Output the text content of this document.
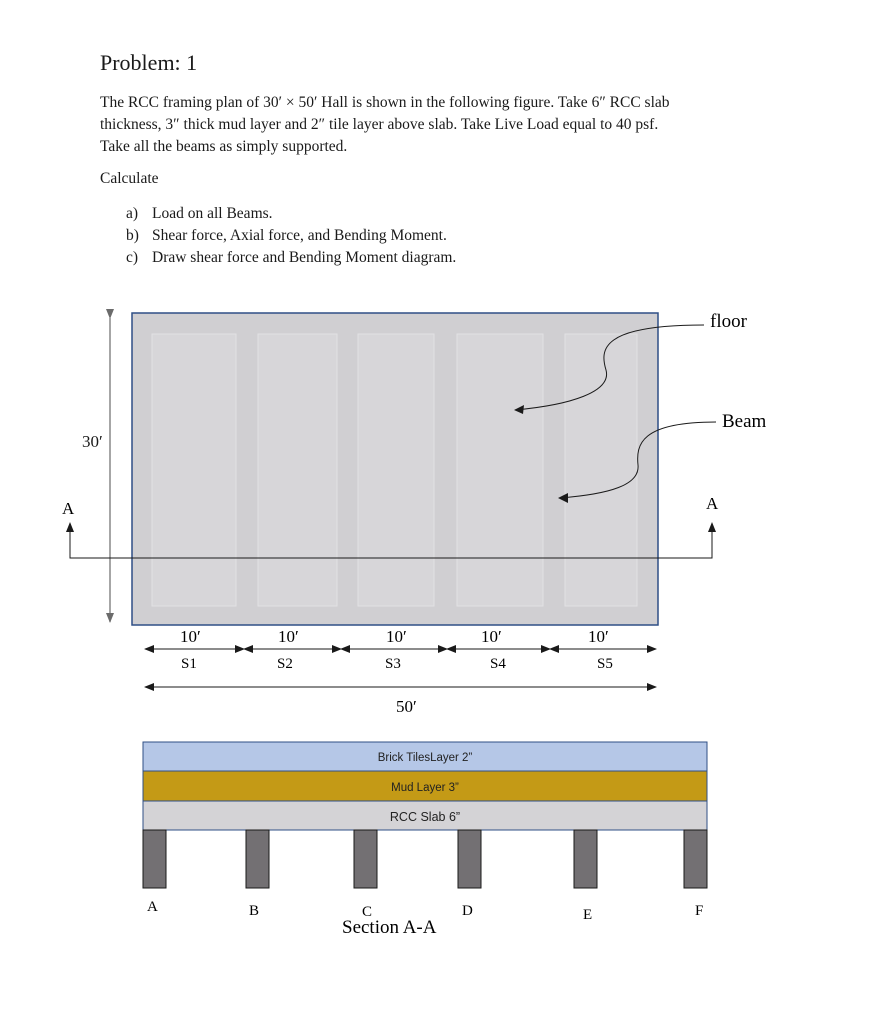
Problem: 1
The RCC framing plan of 30′ × 50′ Hall is shown in the following figure. Take 6″ RCC slab
thickness, 3″ thick mud layer and 2″ tile layer above slab. Take Live Load equal to 40 psf.
Take all the beams as simply supported.
Calculate
a) Load on all Beams.
b) Shear force, Axial force, and Bending Moment.
c) Draw shear force and Bending Moment diagram.
30′
A	A
floor
Beam
10′	10′	10′	10′	10′
S1	S2	S3	S4	S5
50′
Brick TilesLayer 2”
Mud Layer 3”
RCC Slab 6”
A	B	C	D	E	F
Section A-A
